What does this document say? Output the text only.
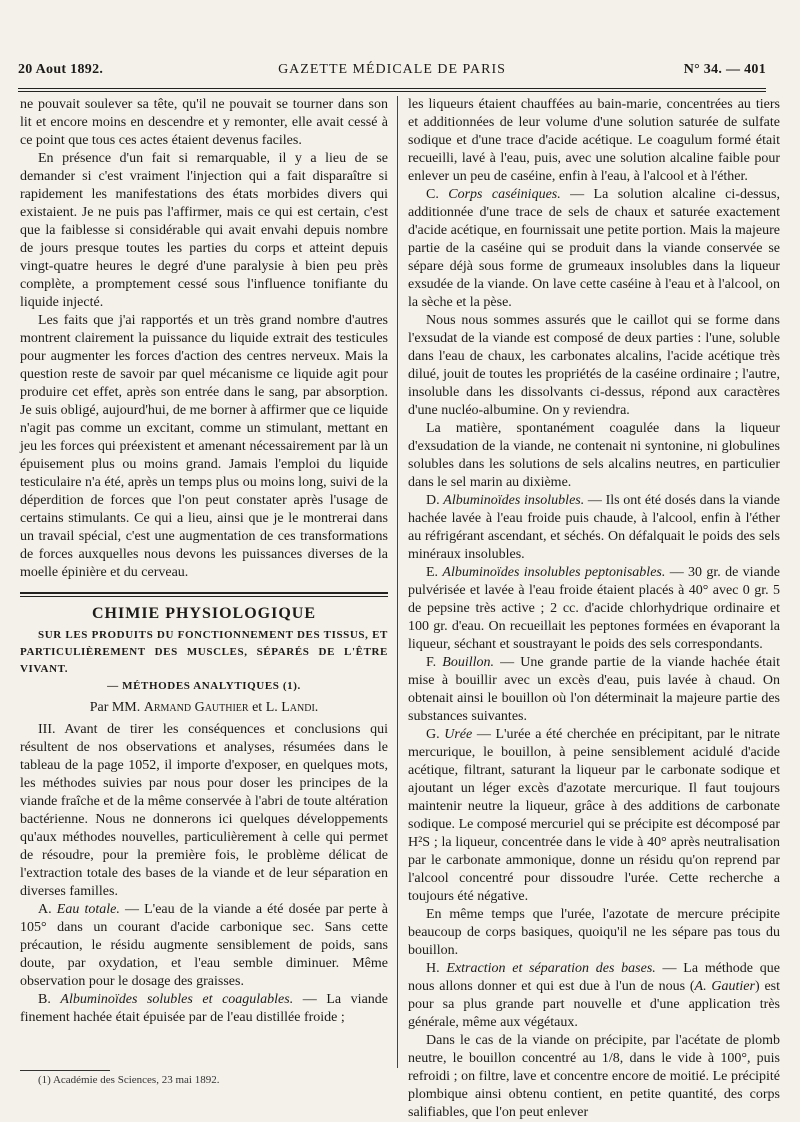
20 Aout 1892.	GAZETTE MÉDICALE DE PARIS	N° 34. — 401

ne pouvait soulever sa tête, qu'il ne pouvait se tourner dans son lit et encore moins en descendre et y remonter, elle avait cessé à ce point que tous ces actes étaient devenus faciles.

En présence d'un fait si remarquable, il y a lieu de se demander si c'est vraiment l'injection qui a fait disparaître si rapidement les manifestations des états morbides divers qui existaient. Je ne puis pas l'affirmer, mais ce qui est certain, c'est que la faiblesse si considérable qui avait envahi depuis nombre de jours presque toutes les parties du corps et atteint depuis vingt-quatre heures le degré d'une paralysie à bien peu près complète, a promptement cessé sous l'influence tonifiante du liquide injecté.

Les faits que j'ai rapportés et un très grand nombre d'autres montrent clairement la puissance du liquide extrait des testicules pour augmenter les forces d'action des centres nerveux. Mais la question reste de savoir par quel mécanisme ce liquide agit pour produire cet effet, après son entrée dans le sang, par absorption. Je suis obligé, aujourd'hui, de me borner à affirmer que ce liquide n'agit pas comme un excitant, comme un stimulant, mettant en jeu les forces qui préexistent et amenant nécessairement par là un épuisement plus ou moins grand. Jamais l'emploi du liquide testiculaire n'a été, après un temps plus ou moins long, suivi de la déperdition de forces que l'on peut constater après l'usage de certains stimulants. Ce qui a lieu, ainsi que je le montrerai dans un travail spécial, c'est une augmentation de ces transformations de forces auxquelles nous devons les puissances diverses de la moelle épinière et du cerveau.

CHIMIE PHYSIOLOGIQUE

SUR LES PRODUITS DU FONCTIONNEMENT DES TISSUS, ET PARTICULIÈREMENT DES MUSCLES, SÉPARÉS DE L'ÊTRE VIVANT.

— MÉTHODES ANALYTIQUES (1).

Par MM. Armand Gauthier et L. Landi.

III. Avant de tirer les conséquences et conclusions qui résultent de nos observations et analyses, résumées dans le tableau de la page 1052, il importe d'exposer, en quelques mots, les méthodes suivies par nous pour doser les principes de la viande fraîche et de la même conservée à l'abri de toute altération bactérienne. Nous ne donnerons ici quelques développements qu'aux méthodes nouvelles, particulièrement à celle qui permet de résoudre, pour la première fois, le problème délicat de l'extraction totale des bases de la viande et de leur séparation en diverses familles.

A. Eau totale. — L'eau de la viande a été dosée par perte à 105° dans un courant d'acide carbonique sec. Sans cette précaution, le résidu augmente sensiblement de poids, sans doute, par oxydation, et l'eau semble diminuer. Même observation pour le dosage des graisses.

B. Albuminoïdes solubles et coagulables. — La viande finement hachée était épuisée par de l'eau distillée froide ;

les liqueurs étaient chauffées au bain-marie, concentrées au tiers et additionnées de leur volume d'une solution saturée de sulfate sodique et d'une trace d'acide acétique. Le coagulum formé était recueilli, lavé à l'eau, puis, avec une solution alcaline faible pour enlever un peu de caséine, enfin à l'eau, à l'alcool et à l'éther.

C. Corps caséiniques. — La solution alcaline ci-dessus, additionnée d'une trace de sels de chaux et saturée exactement d'acide acétique, en fournissait une petite portion. Mais la majeure partie de la caséine qui se produit dans la viande conservée se sépare déjà sous forme de grumeaux insolubles dans la liqueur exsudée de la viande. On lave cette caséine à l'eau et à l'alcool, on la sèche et la pèse.

Nous nous sommes assurés que le caillot qui se forme dans l'exsudat de la viande est composé de deux parties : l'une, soluble dans l'eau de chaux, les carbonates alcalins, l'acide acétique très dilué, jouit de toutes les propriétés de la caséine ordinaire ; l'autre, insoluble dans les dissolvants ci-dessus, répond aux caractères d'une nucléo-albumine. On y reviendra.

La matière, spontanément coagulée dans la liqueur d'exsudation de la viande, ne contenait ni syntonine, ni globulines solubles dans les solutions de sels alcalins neutres, en particulier dans le sel marin au dixième.

D. Albuminoïdes insolubles. — Ils ont été dosés dans la viande hachée lavée à l'eau froide puis chaude, à l'alcool, enfin à l'éther au réfrigérant ascendant, et séchés. On défalquait le poids des sels minéraux insolubles.

E. Albuminoïdes insolubles peptonisables. — 30 gr. de viande pulvérisée et lavée à l'eau froide étaient placés à 40° avec 0 gr. 5 de pepsine très active ; 2 cc. d'acide chlorhydrique ordinaire et 100 gr. d'eau. On recueillait les peptones formées en évaporant la liqueur, séchant et soustrayant le poids des sels correspondants.

F. Bouillon. — Une grande partie de la viande hachée était mise à bouillir avec un excès d'eau, puis lavée à chaud. On obtenait ainsi le bouillon où l'on déterminait la majeure partie des substances suivantes.

G. Urée — L'urée a été cherchée en précipitant, par le nitrate mercurique, le bouillon, à peine sensiblement acidulé d'acide acétique, filtrant, saturant la liqueur par le carbonate sodique et ajoutant un léger excès d'azotate mercurique. Il faut toujours maintenir neutre la liqueur, grâce à des additions de carbonate sodique. Le composé mercuriel qui se précipite est décomposé par H²S ; la liqueur, concentrée dans le vide à 40° après neutralisation par le carbonate ammonique, donne un résidu qu'on reprend par l'alcool concentré pour dissoudre l'urée. Cette recherche a toujours été négative.

En même temps que l'urée, l'azotate de mercure précipite beaucoup de corps basiques, quoiqu'il ne les sépare pas tous du bouillon.

H. Extraction et séparation des bases. — La méthode que nous allons donner et qui est due à l'un de nous (A. Gautier) est pour sa plus grande part nouvelle et d'une application très générale, même aux végétaux.

Dans le cas de la viande on précipite, par l'acétate de plomb neutre, le bouillon concentré au 1/8, dans le vide à 100°, puis refroidi ; on filtre, lave et concentre encore de moitié. Le précipité plombique ainsi obtenu contient, en petite quantité, des corps salifiables, que l'on peut enlever

(1) Académie des Sciences, 23 mai 1892.
